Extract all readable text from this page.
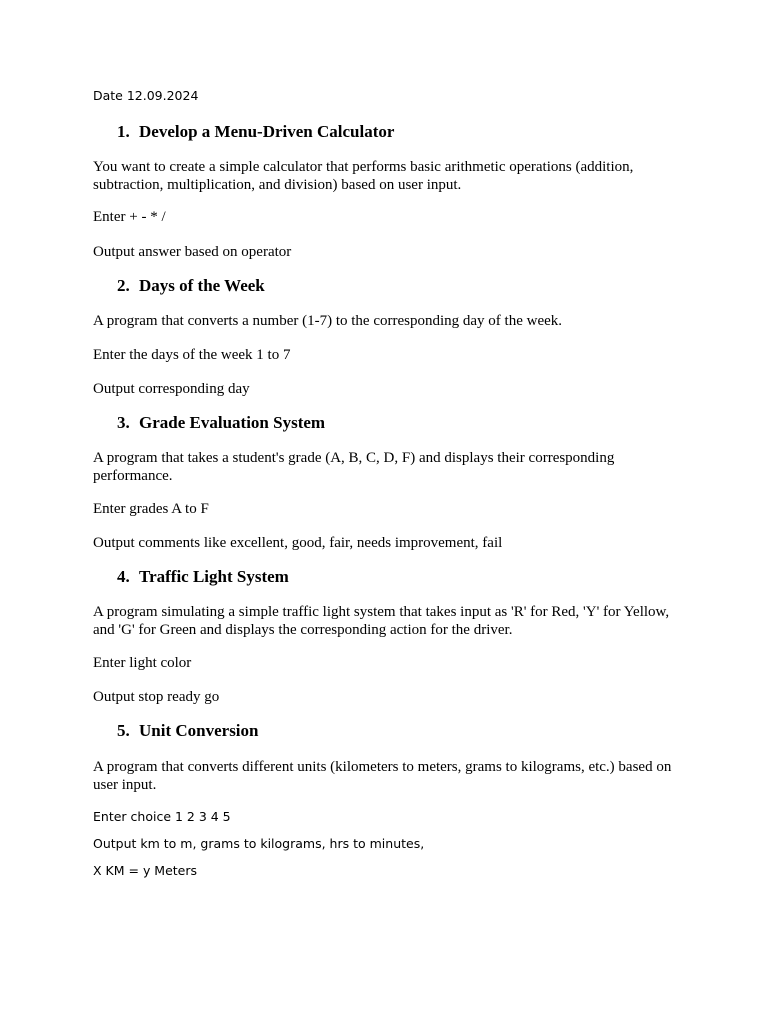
Date 12.09.2024
1. Develop a Menu-Driven Calculator
You want to create a simple calculator that performs basic arithmetic operations (addition, subtraction, multiplication, and division) based on user input.
Enter + - * /
Output answer based on operator
2. Days of the Week
A program that converts a number (1-7) to the corresponding day of the week.
Enter the days of the week 1 to 7
Output corresponding day
3. Grade Evaluation System
A program that takes a student's grade (A, B, C, D, F) and displays their corresponding performance.
Enter grades A to F
Output comments like excellent, good, fair, needs improvement, fail
4. Traffic Light System
A program simulating a simple traffic light system that takes input as 'R' for Red, 'Y' for Yellow, and 'G' for Green and displays the corresponding action for the driver.
Enter light color
Output stop ready go
5. Unit Conversion
A program that converts different units (kilometers to meters, grams to kilograms, etc.) based on user input.
Enter choice 1 2 3 4 5
Output km to m, grams to kilograms, hrs to minutes,
X KM = y Meters
